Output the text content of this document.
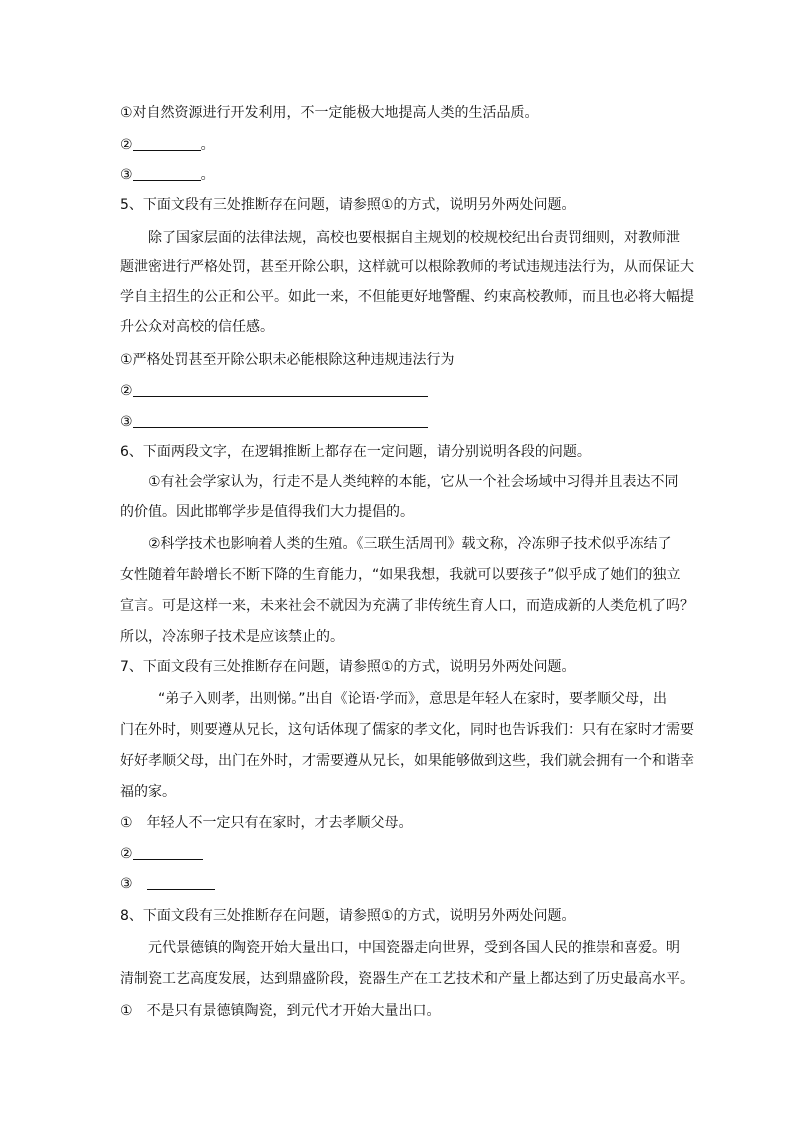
①对自然资源进行开发利用，不一定能极大地提高人类的生活品质。
②	。
③	。
5、下面文段有三处推断存在问题，请参照①的方式，说明另外两处问题。
除了国家层面的法律法规，高校也要根据自主规划的校规校纪出台责罚细则，对教师泄
题泄密进行严格处罚，甚至开除公职，这样就可以根除教师的考试违规违法行为，从而保证大
学自主招生的公正和公平。如此一来，不但能更好地警醒、约束高校教师，而且也必将大幅提
升公众对高校的信任感。
①严格处罚甚至开除公职未必能根除这种违规违法行为
②
③
6、下面两段文字，在逻辑推断上都存在一定问题，请分别说明各段的问题。
①有社会学家认为，行走不是人类纯粹的本能，它从一个社会场域中习得并且表达不同
的价值。因此邯郸学步是值得我们大力提倡的。
②科学技术也影响着人类的生殖。《三联生活周刊》载文称，冷冻卵子技术似乎冻结了
女性随着年龄增长不断下降的生育能力，“如果我想，我就可以要孩子”似乎成了她们的独立
宣言。可是这样一来，未来社会不就因为充满了非传统生育人口，而造成新的人类危机了吗？
所以，冷冻卵子技术是应该禁止的。
7、下面文段有三处推断存在问题，请参照①的方式，说明另外两处问题。
“弟子入则孝，出则悌。”出自《论语·学而》，意思是年轻人在家时，要孝顺父母，出
门在外时，则要遵从兄长，这句话体现了儒家的孝文化，同时也告诉我们：只有在家时才需要
好好孝顺父母，出门在外时，才需要遵从兄长，如果能够做到这些，我们就会拥有一个和谐幸
福的家。
① 年轻人不一定只有在家时，才去孝顺父母。
②
③
8、下面文段有三处推断存在问题，请参照①的方式，说明另外两处问题。
元代景德镇的陶瓷开始大量出口，中国瓷器走向世界，受到各国人民的推崇和喜爱。明
清制瓷工艺高度发展，达到鼎盛阶段，瓷器生产在工艺技术和产量上都达到了历史最高水平。
① 不是只有景德镇陶瓷，到元代才开始大量出口。
